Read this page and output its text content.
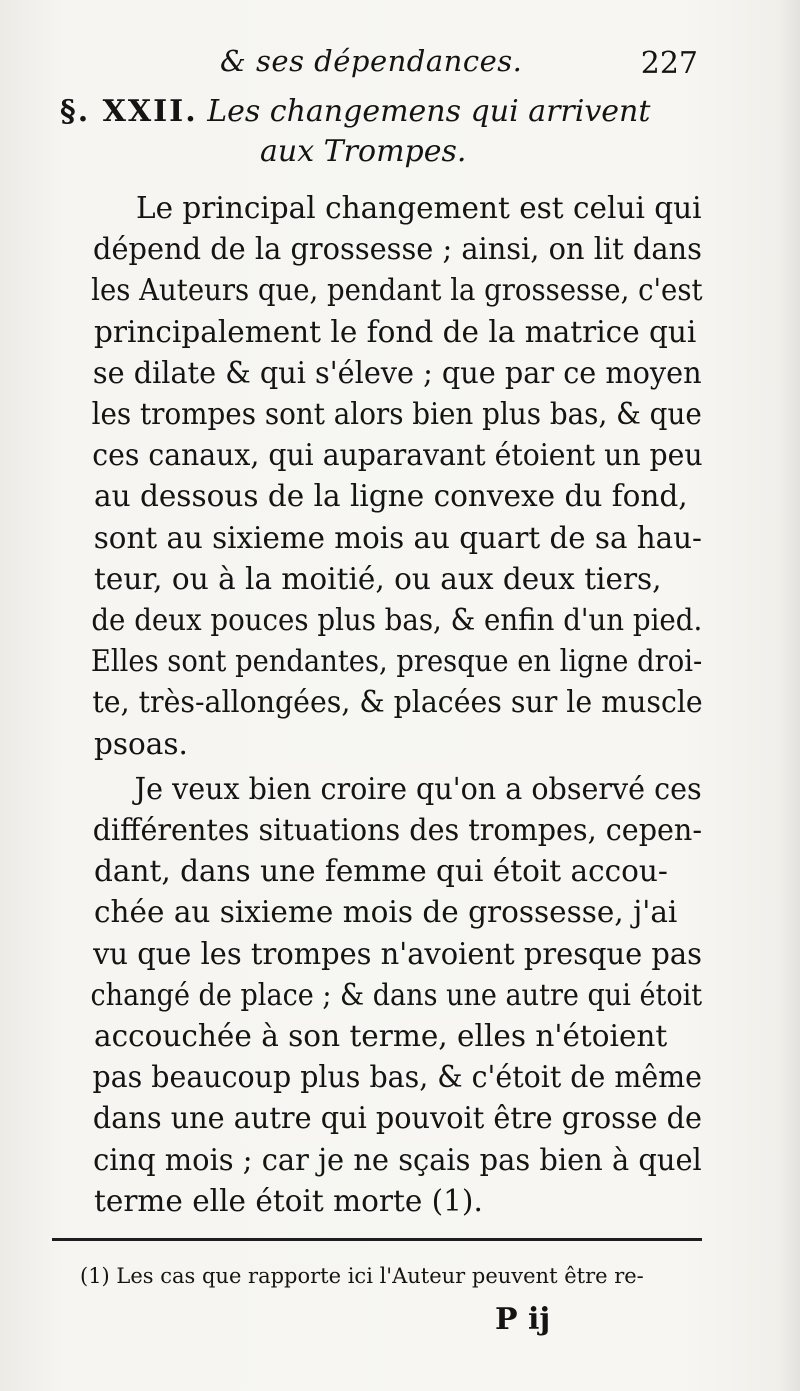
& ses dépendances.	227
§. XXII. Les changemens qui arrivent
aux Trompes.

Le principal changement est celui qui dépend de la grossesse ; ainsi, on lit dans les Auteurs que, pendant la grossesse, c'est
principalement le fond de la matrice qui
se dilate & qui s'éleve ; que par ce moyen les trompes sont alors bien plus bas, & que ces canaux, qui auparavant étoient un peu
au dessous de la ligne convexe du fond,
sont au sixieme mois au quart de sa hau-
teur, ou à la moitié, ou aux deux tiers,
de deux pouces plus bas, & enfin d'un pied. Elles sont pendantes, presque en ligne droi- te, très-allongées, & placées sur le muscle
psoas.

Je veux bien croire qu'on a observé ces différentes situations des trompes, cepen-
dant, dans une femme qui étoit accou-
chée au sixieme mois de grossesse, j'ai
vu que les trompes n'avoient presque pas changé de place ; & dans une autre qui étoit
accouchée à son terme, elles n'étoient
pas beaucoup plus bas, & c'étoit de même dans une autre qui pouvoit être grosse de cinq mois ; car je ne sçais pas bien à quel
terme elle étoit morte (1).

(1) Les cas que rapporte ici l'Auteur peuvent être re-
P ij
